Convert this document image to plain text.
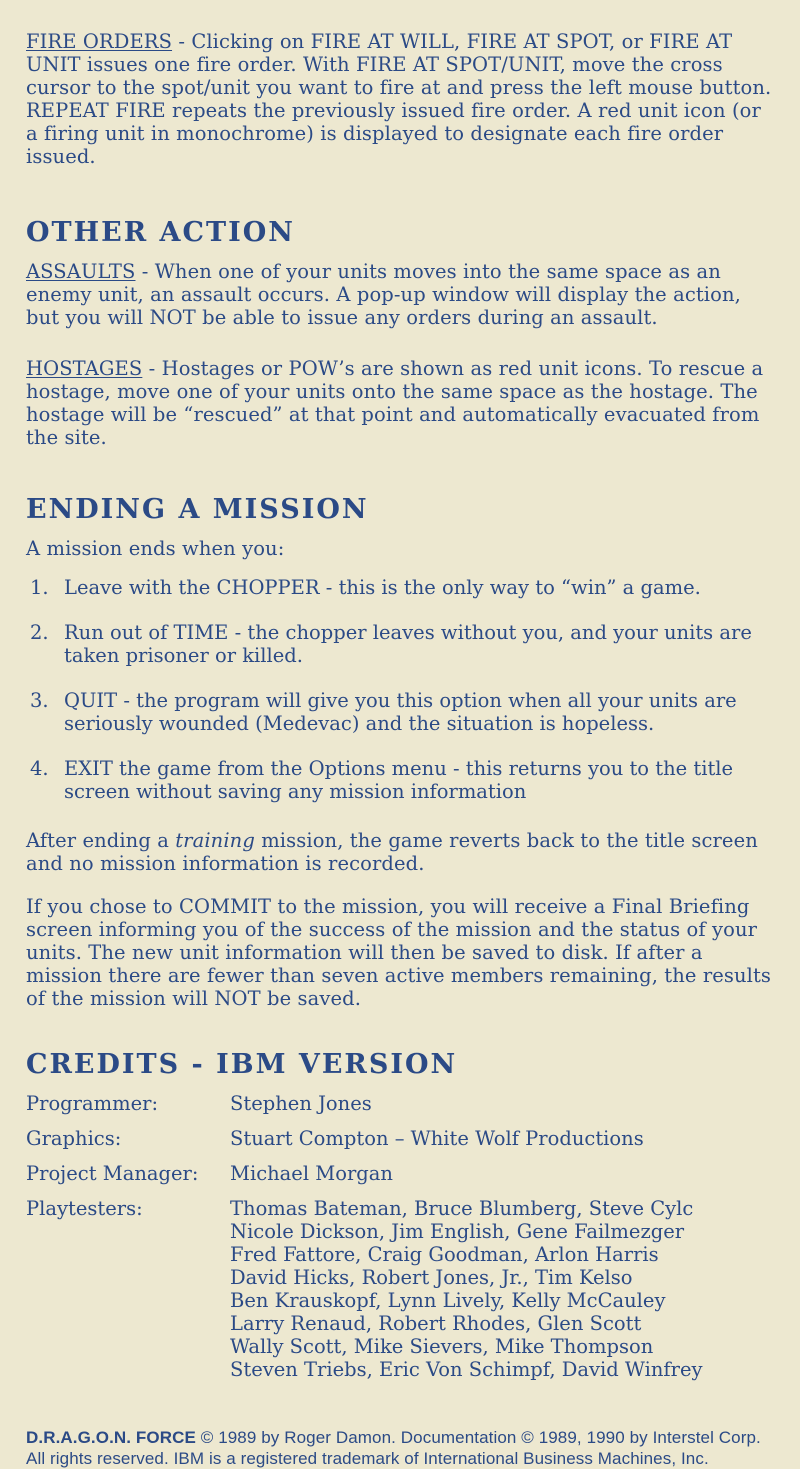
FIRE ORDERS - Clicking on FIRE AT WILL, FIRE AT SPOT, or FIRE AT UNIT issues one fire order. With FIRE AT SPOT/UNIT, move the cross cursor to the spot/unit you want to fire at and press the left mouse button. REPEAT FIRE repeats the previously issued fire order. A red unit icon (or a firing unit in monochrome) is displayed to designate each fire order issued.

OTHER ACTION

ASSAULTS - When one of your units moves into the same space as an enemy unit, an assault occurs. A pop-up window will display the action, but you will NOT be able to issue any orders during an assault.

HOSTAGES - Hostages or POW’s are shown as red unit icons. To rescue a hostage, move one of your units onto the same space as the hostage. The hostage will be “rescued” at that point and automatically evacuated from the site.

ENDING A MISSION

A mission ends when you:

1. Leave with the CHOPPER - this is the only way to “win” a game.
2. Run out of TIME - the chopper leaves without you, and your units are taken prisoner or killed.
3. QUIT - the program will give you this option when all your units are seriously wounded (Medevac) and the situation is hopeless.
4. EXIT the game from the Options menu - this returns you to the title screen without saving any mission information

After ending a training mission, the game reverts back to the title screen and no mission information is recorded.

If you chose to COMMIT to the mission, you will receive a Final Briefing screen informing you of the success of the mission and the status of your units. The new unit information will then be saved to disk. If after a mission there are fewer than seven active members remaining, the results of the mission will NOT be saved.

CREDITS - IBM VERSION
Programmer:	Stephen Jones
Graphics:	Stuart Compton – White Wolf Productions
Project Manager:	Michael Morgan
Playtesters:	Thomas Bateman, Bruce Blumberg, Steve Cylc
Nicole Dickson, Jim English, Gene Failmezger
Fred Fattore, Craig Goodman, Arlon Harris
David Hicks, Robert Jones, Jr., Tim Kelso
Ben Krauskopf, Lynn Lively, Kelly McCauley
Larry Renaud, Robert Rhodes, Glen Scott
Wally Scott, Mike Sievers, Mike Thompson
Steven Triebs, Eric Von Schimpf, David Winfrey

D.R.A.G.O.N. FORCE © 1989 by Roger Damon. Documentation © 1989, 1990 by Interstel Corp.

All rights reserved. IBM is a registered trademark of International Business Machines, Inc.
